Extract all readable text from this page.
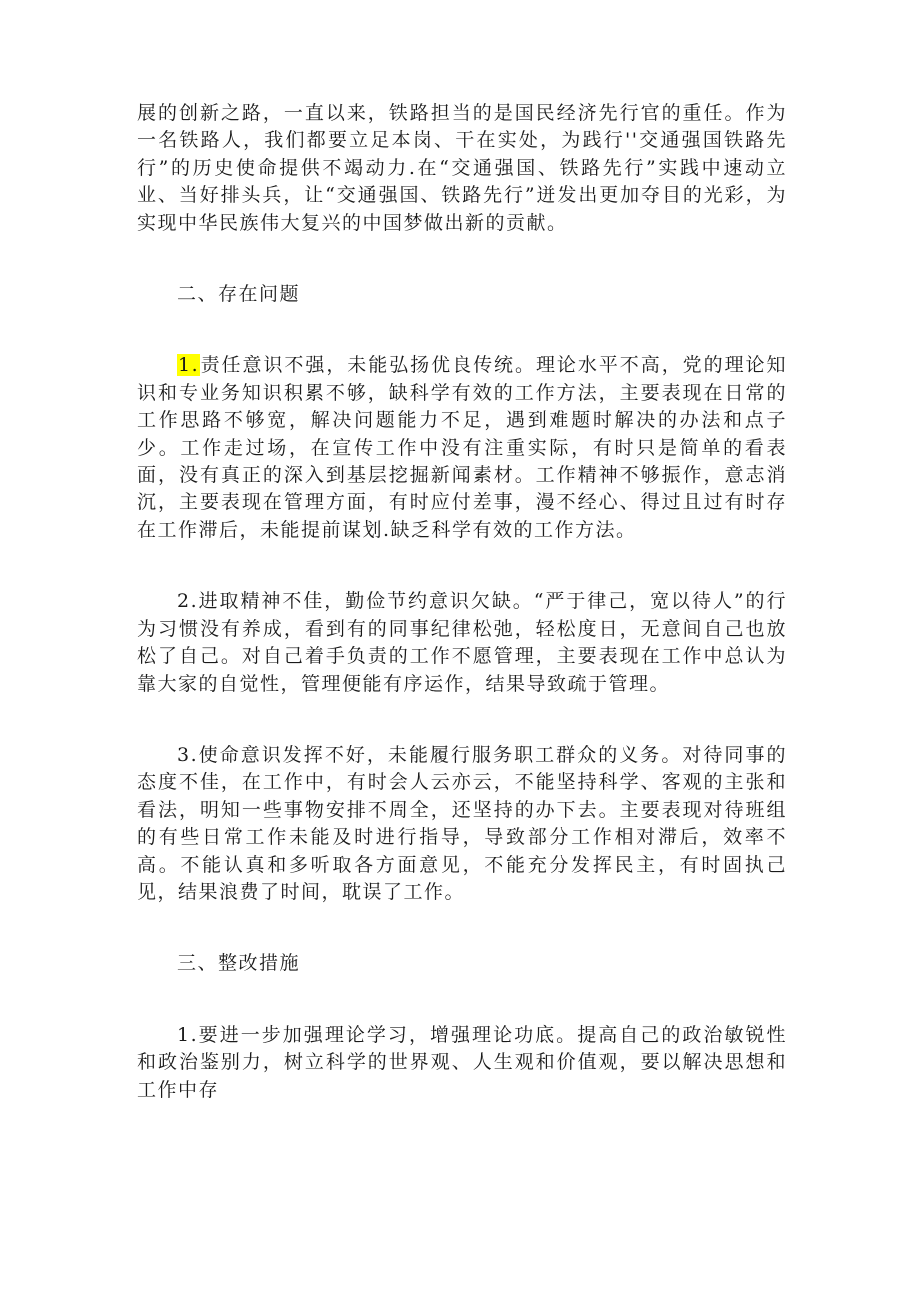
展的创新之路，一直以来，铁路担当的是国民经济先行官的重任。作为一名铁路人，我们都要立足本岗、干在实处，为践行''交通强国铁路先行”的历史使命提供不竭动力.在“交通强国、铁路先行”实践中速动立业、当好排头兵，让“交通强国、铁路先行”迸发出更加夺目的光彩，为实现中华民族伟大复兴的中国梦做出新的贡献。

二、存在问题

1.责任意识不强，未能弘扬优良传统。理论水平不高，党的理论知识和专业务知识积累不够，缺科学有效的工作方法，主要表现在日常的工作思路不够宽，解决问题能力不足，遇到难题时解决的办法和点子少。工作走过场，在宣传工作中没有注重实际，有时只是简单的看表面，没有真正的深入到基层挖掘新闻素材。工作精神不够振作，意志消沉，主要表现在管理方面，有时应付差事，漫不经心、得过且过有时存在工作滞后，未能提前谋划.缺乏科学有效的工作方法。

2.进取精神不佳，勤俭节约意识欠缺。“严于律己，宽以待人”的行为习惯没有养成，看到有的同事纪律松弛，轻松度日，无意间自己也放松了自己。对自己着手负责的工作不愿管理，主要表现在工作中总认为靠大家的自觉性，管理便能有序运作，结果导致疏于管理。

3.使命意识发挥不好，未能履行服务职工群众的义务。对待同事的态度不佳，在工作中，有时会人云亦云，不能坚持科学、客观的主张和看法，明知一些事物安排不周全，还坚持的办下去。主要表现对待班组的有些日常工作未能及时进行指导，导致部分工作相对滞后，效率不高。不能认真和多听取各方面意见，不能充分发挥民主，有时固执己见，结果浪费了时间，耽误了工作。

三、整改措施

1.要进一步加强理论学习，增强理论功底。提高自己的政治敏锐性和政治鉴别力，树立科学的世界观、人生观和价值观，要以解决思想和工作中存
